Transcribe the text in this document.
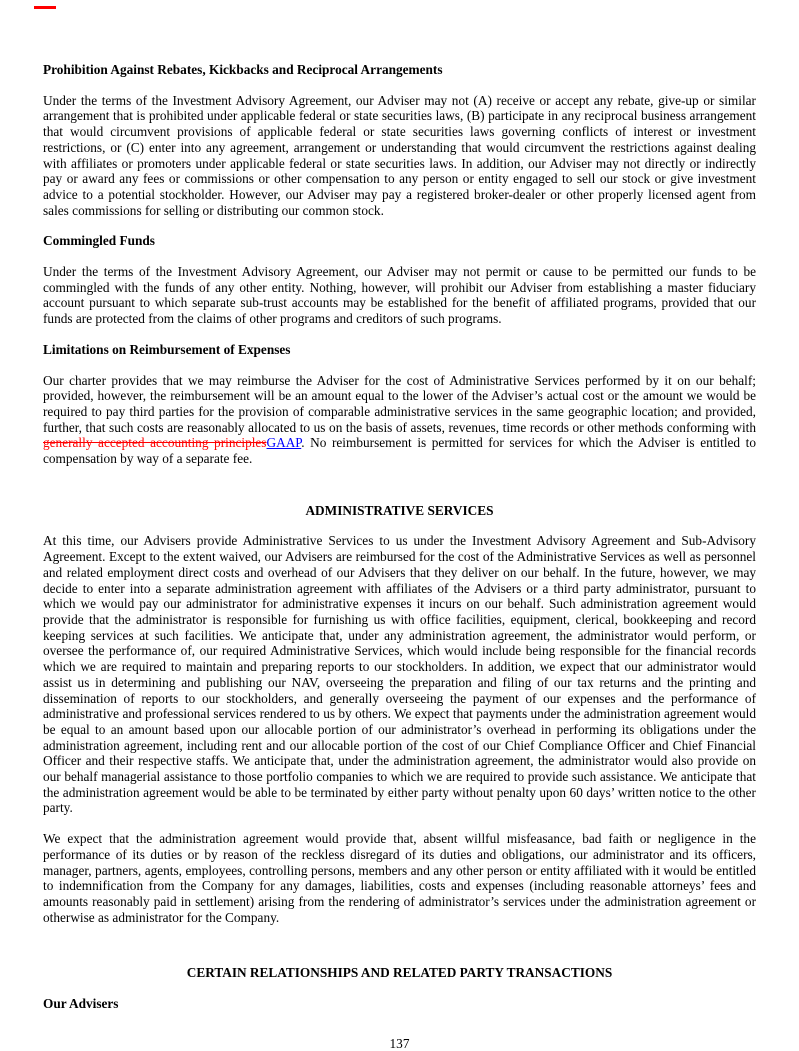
Prohibition Against Rebates, Kickbacks and Reciprocal Arrangements

Under the terms of the Investment Advisory Agreement, our Adviser may not (A) receive or accept any rebate, give-up or similar arrangement that is prohibited under applicable federal or state securities laws, (B) participate in any reciprocal business arrangement that would circumvent provisions of applicable federal or state securities laws governing conflicts of interest or investment restrictions, or (C) enter into any agreement, arrangement or understanding that would circumvent the restrictions against dealing with affiliates or promoters under applicable federal or state securities laws. In addition, our Adviser may not directly or indirectly pay or award any fees or commissions or other compensation to any person or entity engaged to sell our stock or give investment advice to a potential stockholder. However, our Adviser may pay a registered broker-dealer or other properly licensed agent from sales commissions for selling or distributing our common stock.

Commingled Funds

Under the terms of the Investment Advisory Agreement, our Adviser may not permit or cause to be permitted our funds to be commingled with the funds of any other entity. Nothing, however, will prohibit our Adviser from establishing a master fiduciary account pursuant to which separate sub-trust accounts may be established for the benefit of affiliated programs, provided that our funds are protected from the claims of other programs and creditors of such programs.

Limitations on Reimbursement of Expenses

Our charter provides that we may reimburse the Adviser for the cost of Administrative Services performed by it on our behalf; provided, however, the reimbursement will be an amount equal to the lower of the Adviser’s actual cost or the amount we would be required to pay third parties for the provision of comparable administrative services in the same geographic location; and provided, further, that such costs are reasonably allocated to us on the basis of assets, revenues, time records or other methods conforming with generally accepted accounting principlesGAAP. No reimbursement is permitted for services for which the Adviser is entitled to compensation by way of a separate fee.

ADMINISTRATIVE SERVICES

At this time, our Advisers provide Administrative Services to us under the Investment Advisory Agreement and Sub-Advisory Agreement. Except to the extent waived, our Advisers are reimbursed for the cost of the Administrative Services as well as personnel and related employment direct costs and overhead of our Advisers that they deliver on our behalf. In the future, however, we may decide to enter into a separate administration agreement with affiliates of the Advisers or a third party administrator, pursuant to which we would pay our administrator for administrative expenses it incurs on our behalf. Such administration agreement would provide that the administrator is responsible for furnishing us with office facilities, equipment, clerical, bookkeeping and record keeping services at such facilities. We anticipate that, under any administration agreement, the administrator would perform, or oversee the performance of, our required Administrative Services, which would include being responsible for the financial records which we are required to maintain and preparing reports to our stockholders. In addition, we expect that our administrator would assist us in determining and publishing our NAV, overseeing the preparation and filing of our tax returns and the printing and dissemination of reports to our stockholders, and generally overseeing the payment of our expenses and the performance of administrative and professional services rendered to us by others. We expect that payments under the administration agreement would be equal to an amount based upon our allocable portion of our administrator’s overhead in performing its obligations under the administration agreement, including rent and our allocable portion of the cost of our Chief Compliance Officer and Chief Financial Officer and their respective staffs. We anticipate that, under the administration agreement, the administrator would also provide on our behalf managerial assistance to those portfolio companies to which we are required to provide such assistance. We anticipate that the administration agreement would be able to be terminated by either party without penalty upon 60 days’ written notice to the other party.

We expect that the administration agreement would provide that, absent willful misfeasance, bad faith or negligence in the performance of its duties or by reason of the reckless disregard of its duties and obligations, our administrator and its officers, manager, partners, agents, employees, controlling persons, members and any other person or entity affiliated with it would be entitled to indemnification from the Company for any damages, liabilities, costs and expenses (including reasonable attorneys’ fees and amounts reasonably paid in settlement) arising from the rendering of administrator’s services under the administration agreement or otherwise as administrator for the Company.

CERTAIN RELATIONSHIPS AND RELATED PARTY TRANSACTIONS
Our Advisers
137
